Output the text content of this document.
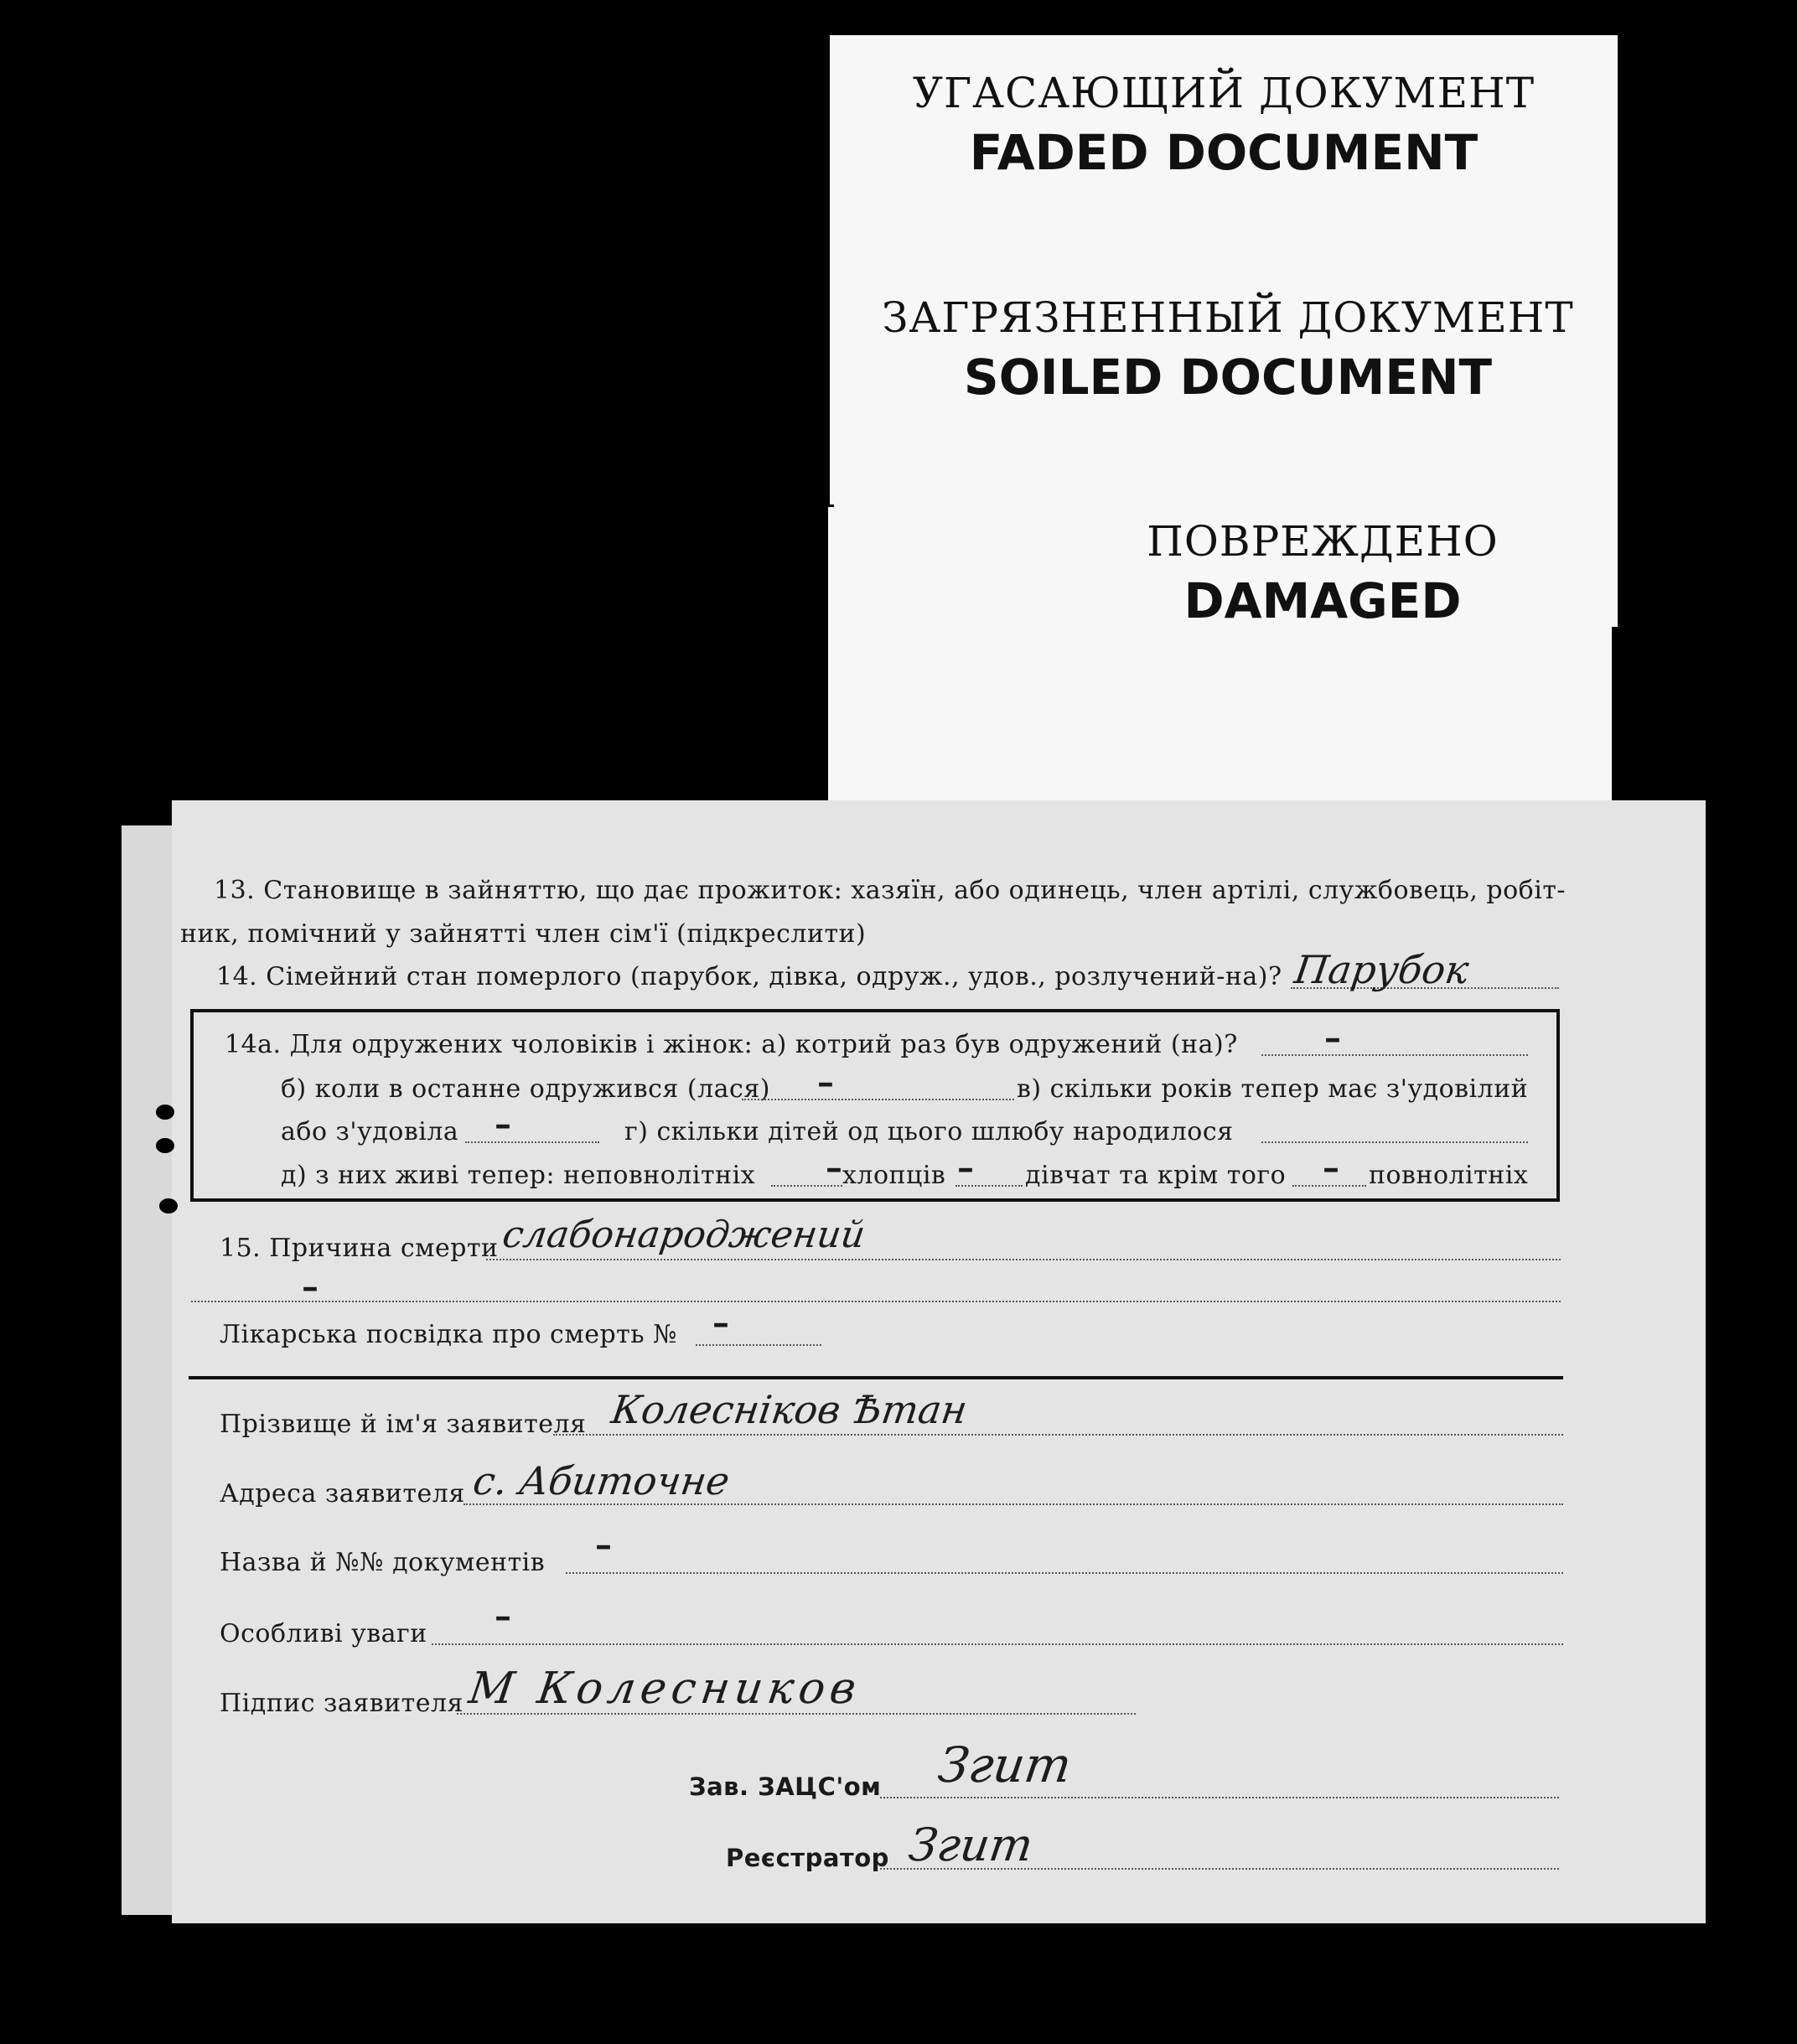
УГАСАЮЩИЙ ДОКУМЕНТ
FADED DOCUMENT
ЗАГРЯЗНЕННЫЙ ДОКУМЕНТ
SOILED DOCUMENT
ПОВРЕЖДЕНО
DAMAGED
13. Становище в зайняттю, що дає прожиток: хазяїн, або одинець, член артілі, службовець, робіт-
ник, помічний у зайнятті член сім'ї (підкреслити)
14. Сімейний стан померлого (парубок, дівка, одруж., удов., розлучений-на)? Парубок
14а. Для одружених чоловіків і жінок: а) котрий раз був одружений (на)?	–
б) коли в останне одружився (лася) –	в) скільки років тепер має з'удовілий
або з'удовіла –	г) скільки дітей од цього шлюбу народилося
д) з них живі тепер: неповнолітніх – хлопців – дівчат та крім того – повнолітніх
15. Причина смерти слабонароджений
–
Лікарська посвідка про смерть № –
Прізвище й ім'я заявителя Колесніков Ѣтан
Адреса заявителя с. Абиточне
Назва й №№ документів –
Особливі уваги –
Підпис заявителя М Колесников
Зав. ЗАЦС'ом Згит
Реєстратор Згит
